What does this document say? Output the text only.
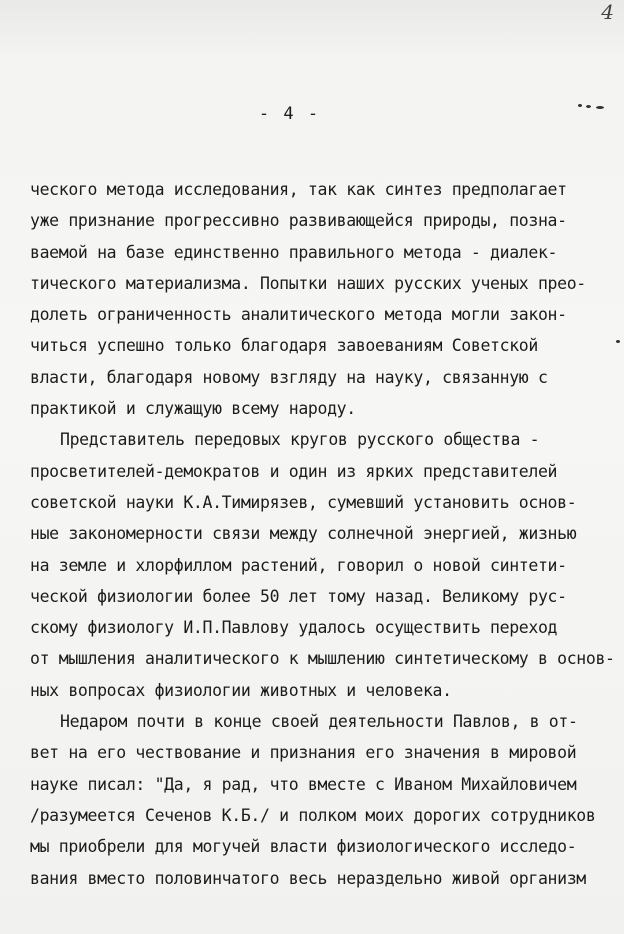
4
- 4 -
ческого метода исследования, так как синтез предполагает
уже признание прогрессивно развивающейся природы, позна-
ваемой на базе единственно правильного метода - диалек-
тического материализма. Попытки наших русских ученых прео-
долеть ограниченность аналитического метода могли закон-
читься успешно только благодаря завоеваниям Советской
власти, благодаря новому взгляду на науку, связанную с
практикой и служащую всему народу.
Представитель передовых кругов русского общества -
просветителей-демократов и один из ярких представителей
советской науки К.А.Тимирязев, сумевший установить основ-
ные закономерности связи между солнечной энергией, жизнью
на земле и хлорфиллом растений, говорил о новой синтети-
ческой физиологии более 50 лет тому назад. Великому рус-
скому физиологу И.П.Павлову удалось осуществить переход
от мышления аналитического к мышлению синтетическому в основ-
ных вопросах физиологии животных и человека.
Недаром почти в конце своей деятельности Павлов, в от-
вет на его чествование и признания его значения в мировой
науке писал: "Да, я рад, что вместе с Иваном Михайловичем
/разумеется Сеченов К.Б./ и полком моих дорогих сотрудников
мы приобрели для могучей власти физиологического исследо-
вания вместо половинчатого весь нераздельно живой организм
